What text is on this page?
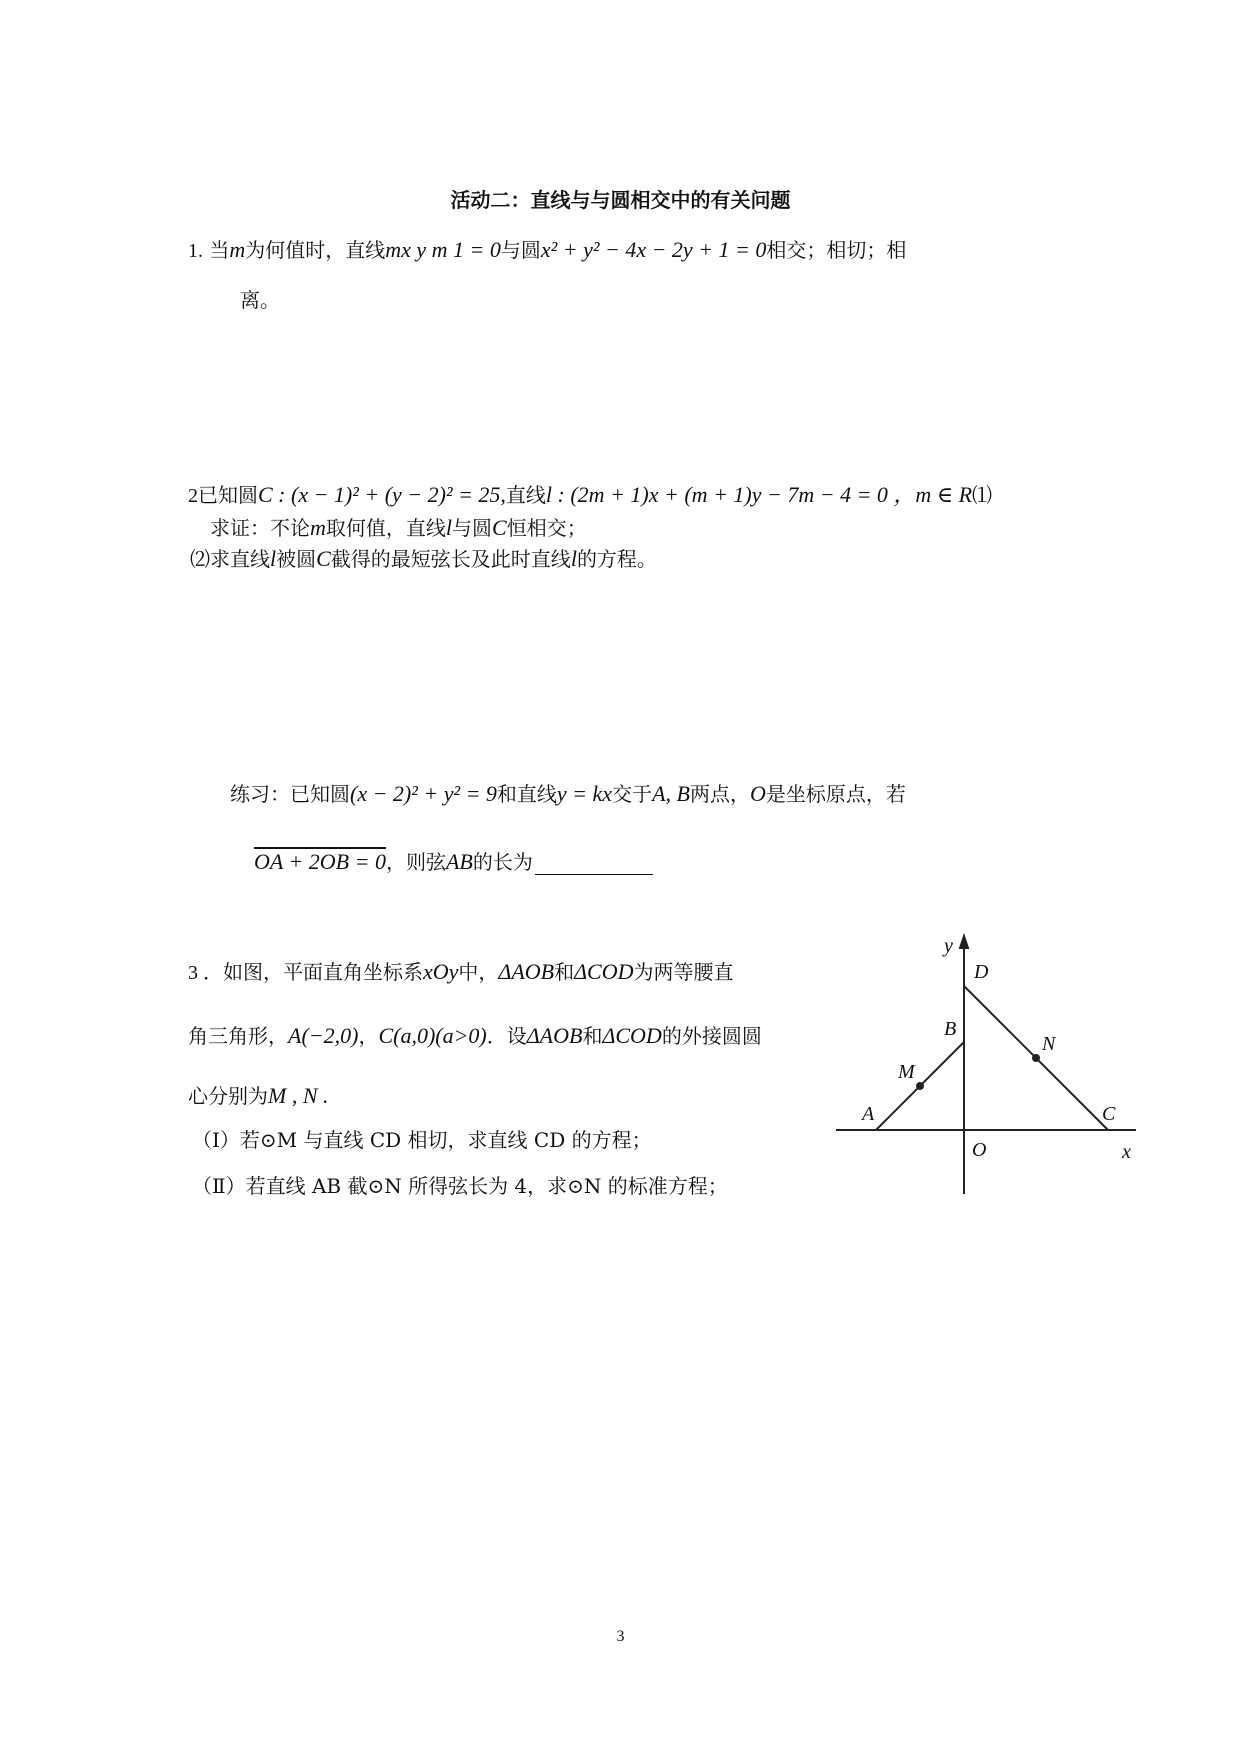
活动二：直线与与圆相交中的有关问题
1. 当m为何值时，直线mx y m 1 = 0与圆x² + y² − 4x − 2y + 1 = 0相交；相切；相
离。
2已知圆C : (x − 1)² + (y − 2)² = 25,直线l : (2m + 1)x + (m + 1)y − 7m − 4 = 0 ，m ∈ R⑴
求证：不论m取何值，直线l与圆C恒相交；
⑵求直线l被圆C截得的最短弦长及此时直线l的方程。
练习：已知圆(x − 2)² + y² = 9和直线y = kx交于A, B两点，O是坐标原点，若
OA + 2OB = 0，则弦AB的长为
3 ．如图，平面直角坐标系xOy中，ΔAOB和ΔCOD为两等腰直
角三角形，A(−2,0)，C(a,0)(a>0)．设ΔAOB和ΔCOD的外接圆圆
心分别为M , N .
（Ⅰ）若⊙M 与直线 CD 相切，求直线 CD 的方程；
（Ⅱ）若直线 AB 截⊙N 所得弦长为 4，求⊙N 的标准方程；
y
D
B
N
M
A	C
O	x
3
